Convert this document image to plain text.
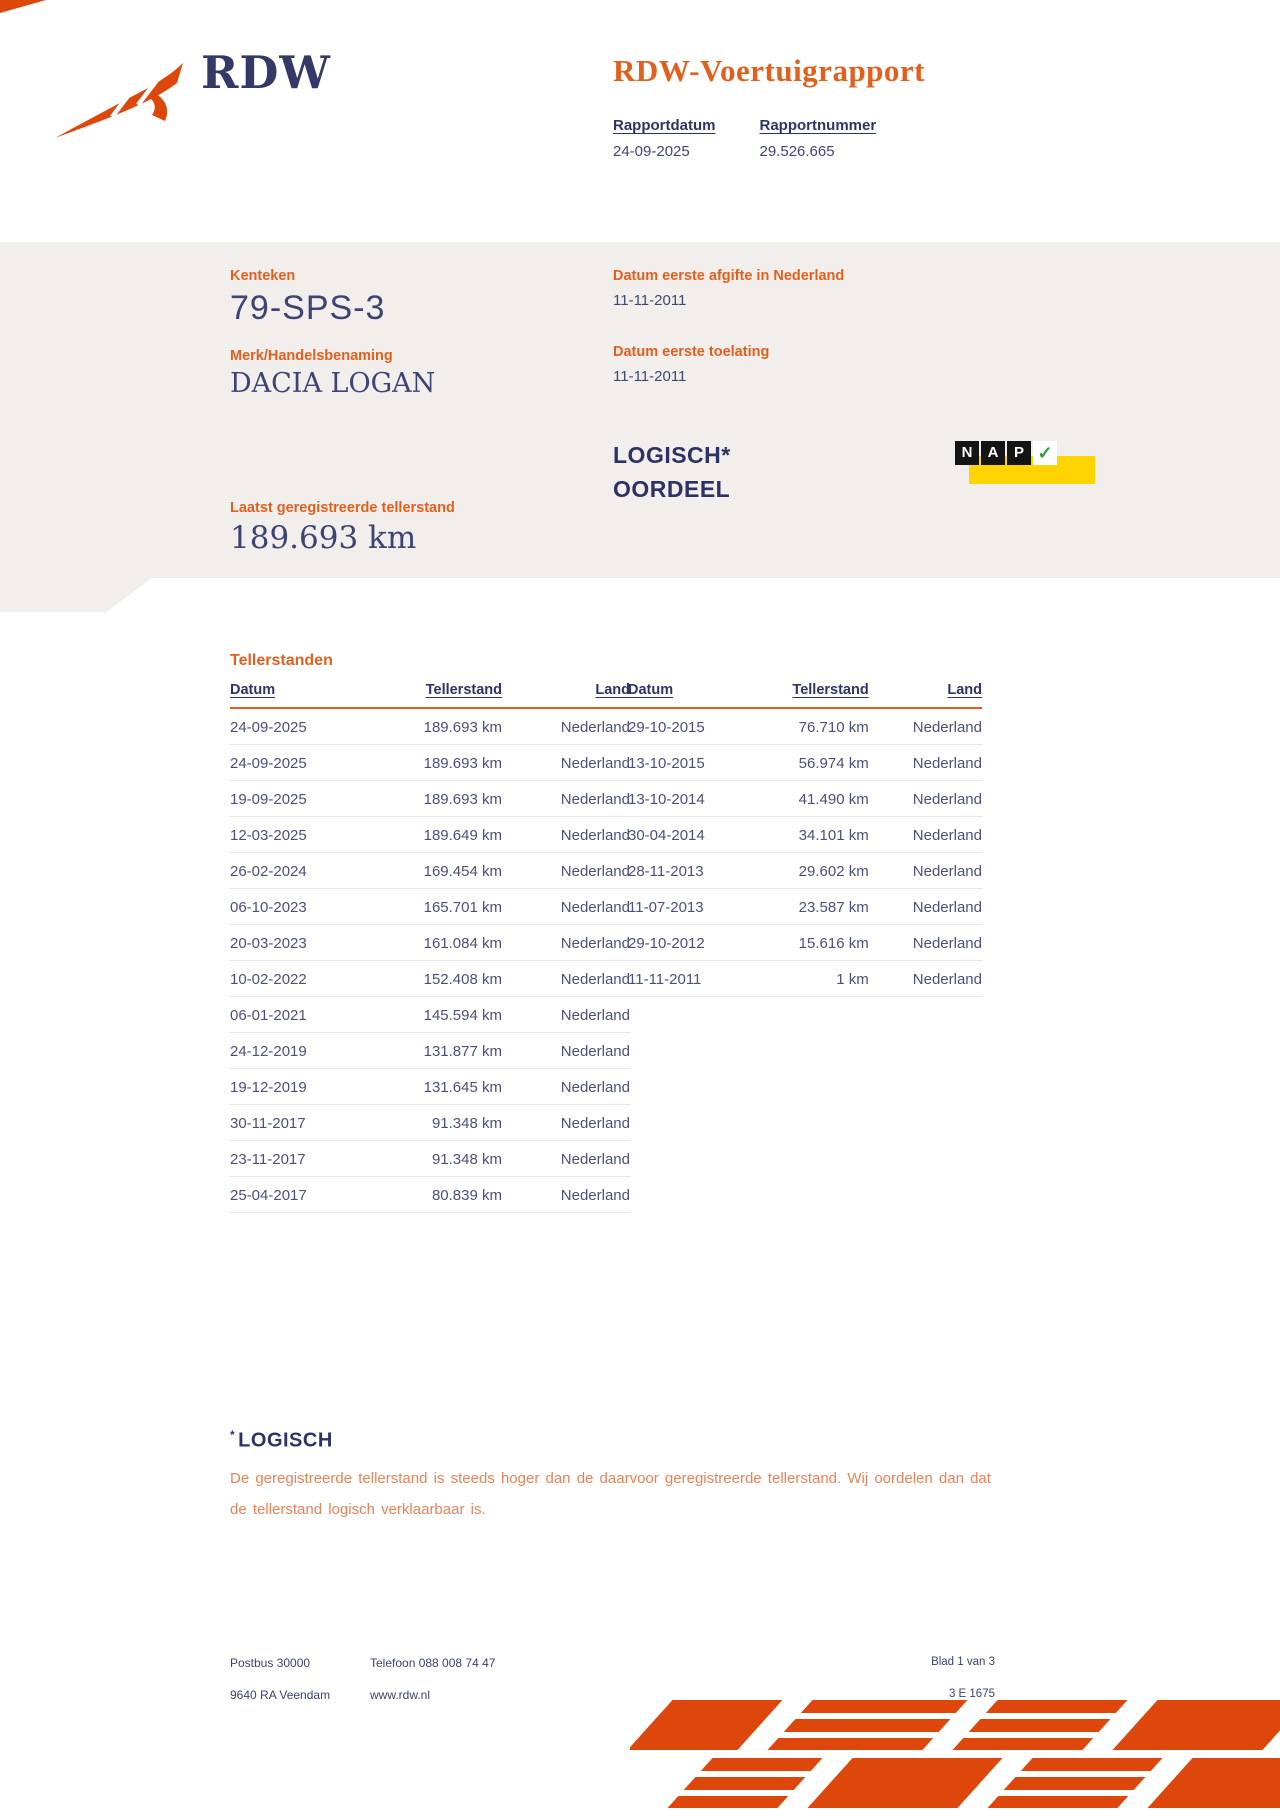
RDW	RDW-Voertuigrapport
Rapportdatum
24-09-2025
Rapportnummer
29.526.665
Kenteken
79-SPS-3
Merk/Handelsbenaming
DACIA LOGAN
Datum eerste afgifte in Nederland
11-11-2011
Datum eerste toelating
11-11-2011
LOGISCH*
OORDEEL
N	A	P ✓
Laatst geregistreerde tellerstand
189.693 km
Tellerstanden
Datum	Tellerstand	Land
24-09-2025	189.693 km	Nederland
24-09-2025	189.693 km	Nederland
19-09-2025	189.693 km	Nederland
12-03-2025	189.649 km	Nederland
26-02-2024	169.454 km	Nederland
06-10-2023	165.701 km	Nederland
20-03-2023	161.084 km	Nederland
10-02-2022	152.408 km	Nederland
06-01-2021	145.594 km	Nederland
24-12-2019	131.877 km	Nederland
19-12-2019	131.645 km	Nederland
30-11-2017	91.348 km	Nederland
23-11-2017	91.348 km	Nederland
25-04-2017	80.839 km	Nederland
Datum	Tellerstand	Land
29-10-2015	76.710 km	Nederland
13-10-2015	56.974 km	Nederland
13-10-2014	41.490 km	Nederland
30-04-2014	34.101 km	Nederland
28-11-2013	29.602 km	Nederland
11-07-2013	23.587 km	Nederland
29-10-2012	15.616 km	Nederland
11-11-2011	1 km	Nederland
* LOGISCH
De geregistreerde tellerstand is steeds hoger dan de daarvoor geregistreerde tellerstand. Wij oordelen dan dat de tellerstand logisch verklaarbaar is.
Postbus 30000
9640 RA Veendam
Telefoon 088 008 74 47
www.rdw.nl
Blad 1 van 3
3 E 1675
